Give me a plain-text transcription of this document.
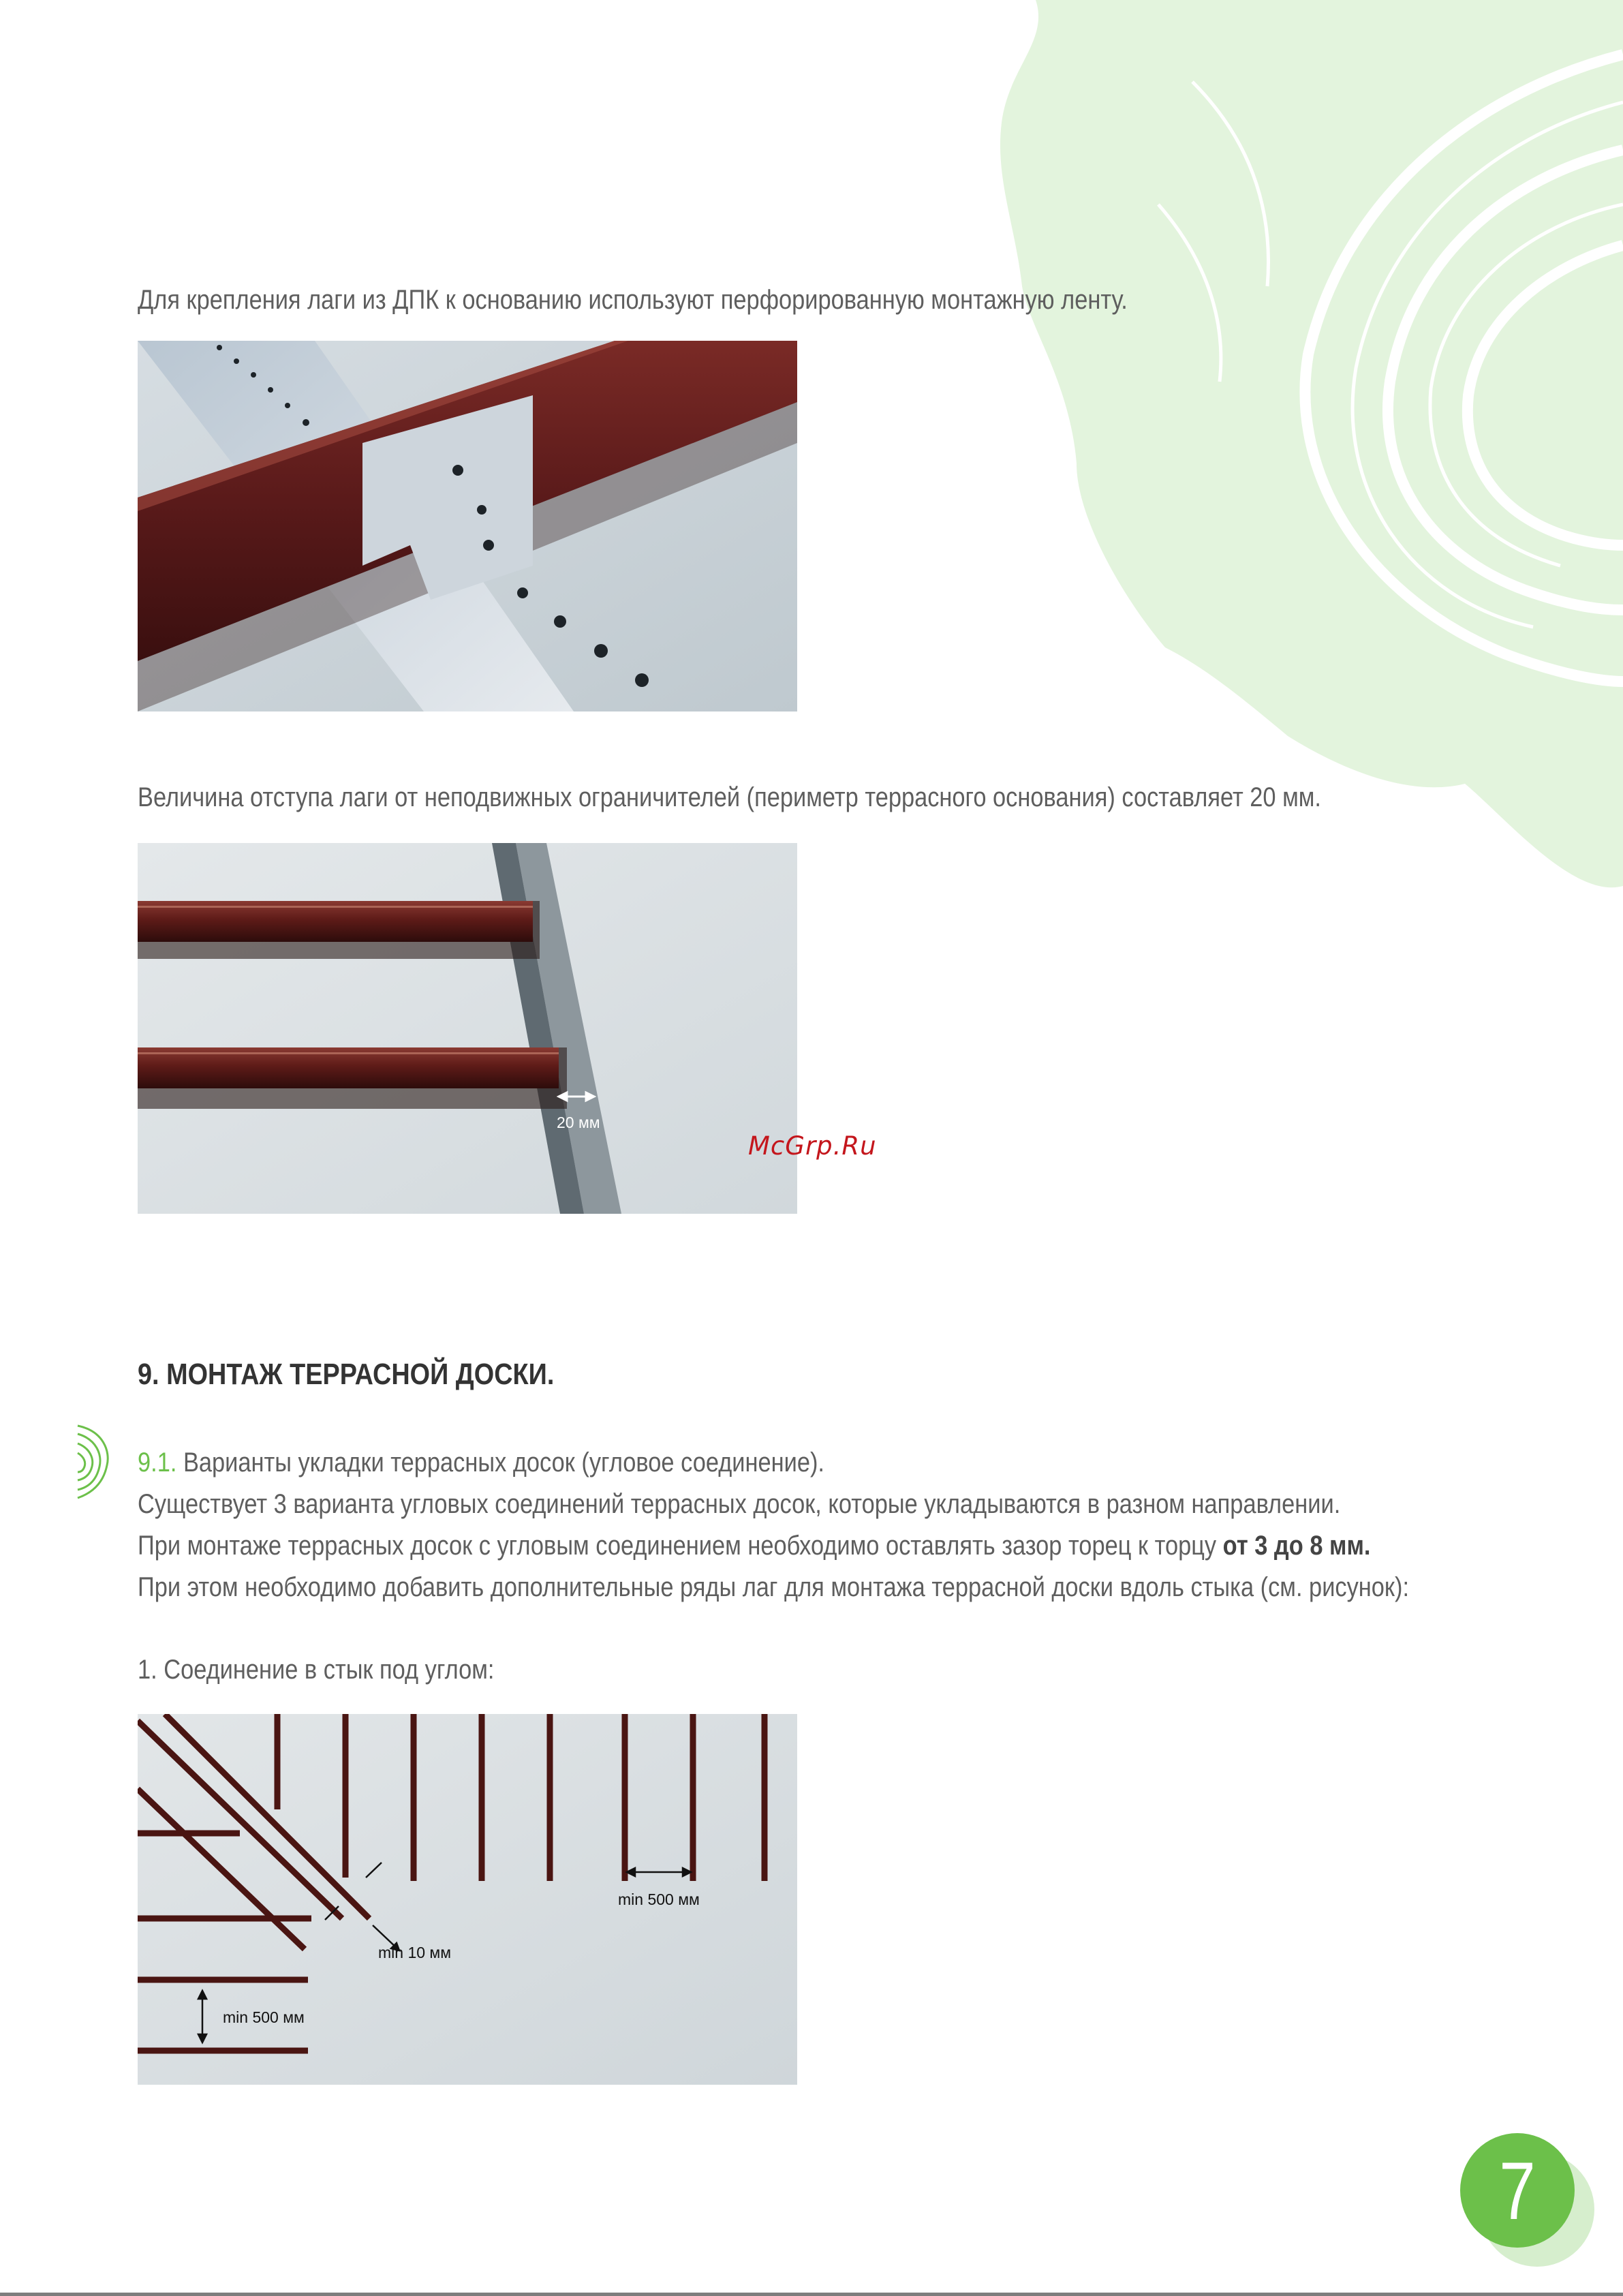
Для крепления лаги из ДПК к основанию используют перфорированную монтажную ленту.
Величина отступа лаги от неподвижных ограничителей (периметр террасного основания) составляет 20 мм.
20 мм
McGrp.Ru
9. МОНТАЖ ТЕРРАСНОЙ ДОСКИ.
9.1. Варианты укладки террасных досок (угловое соединение).
Существует 3 варианта угловых соединений террасных досок, которые укладываются в разном направлении.
При монтаже террасных досок с угловым соединением необходимо оставлять зазор торец к торцу от 3 до 8 мм.
При этом необходимо добавить дополнительные ряды лаг для монтажа террасной доски вдоль стыка (см. рисунок):
1. Соединение в стык под углом:
min 500 мм
min 10 мм
min 500 мм
7
